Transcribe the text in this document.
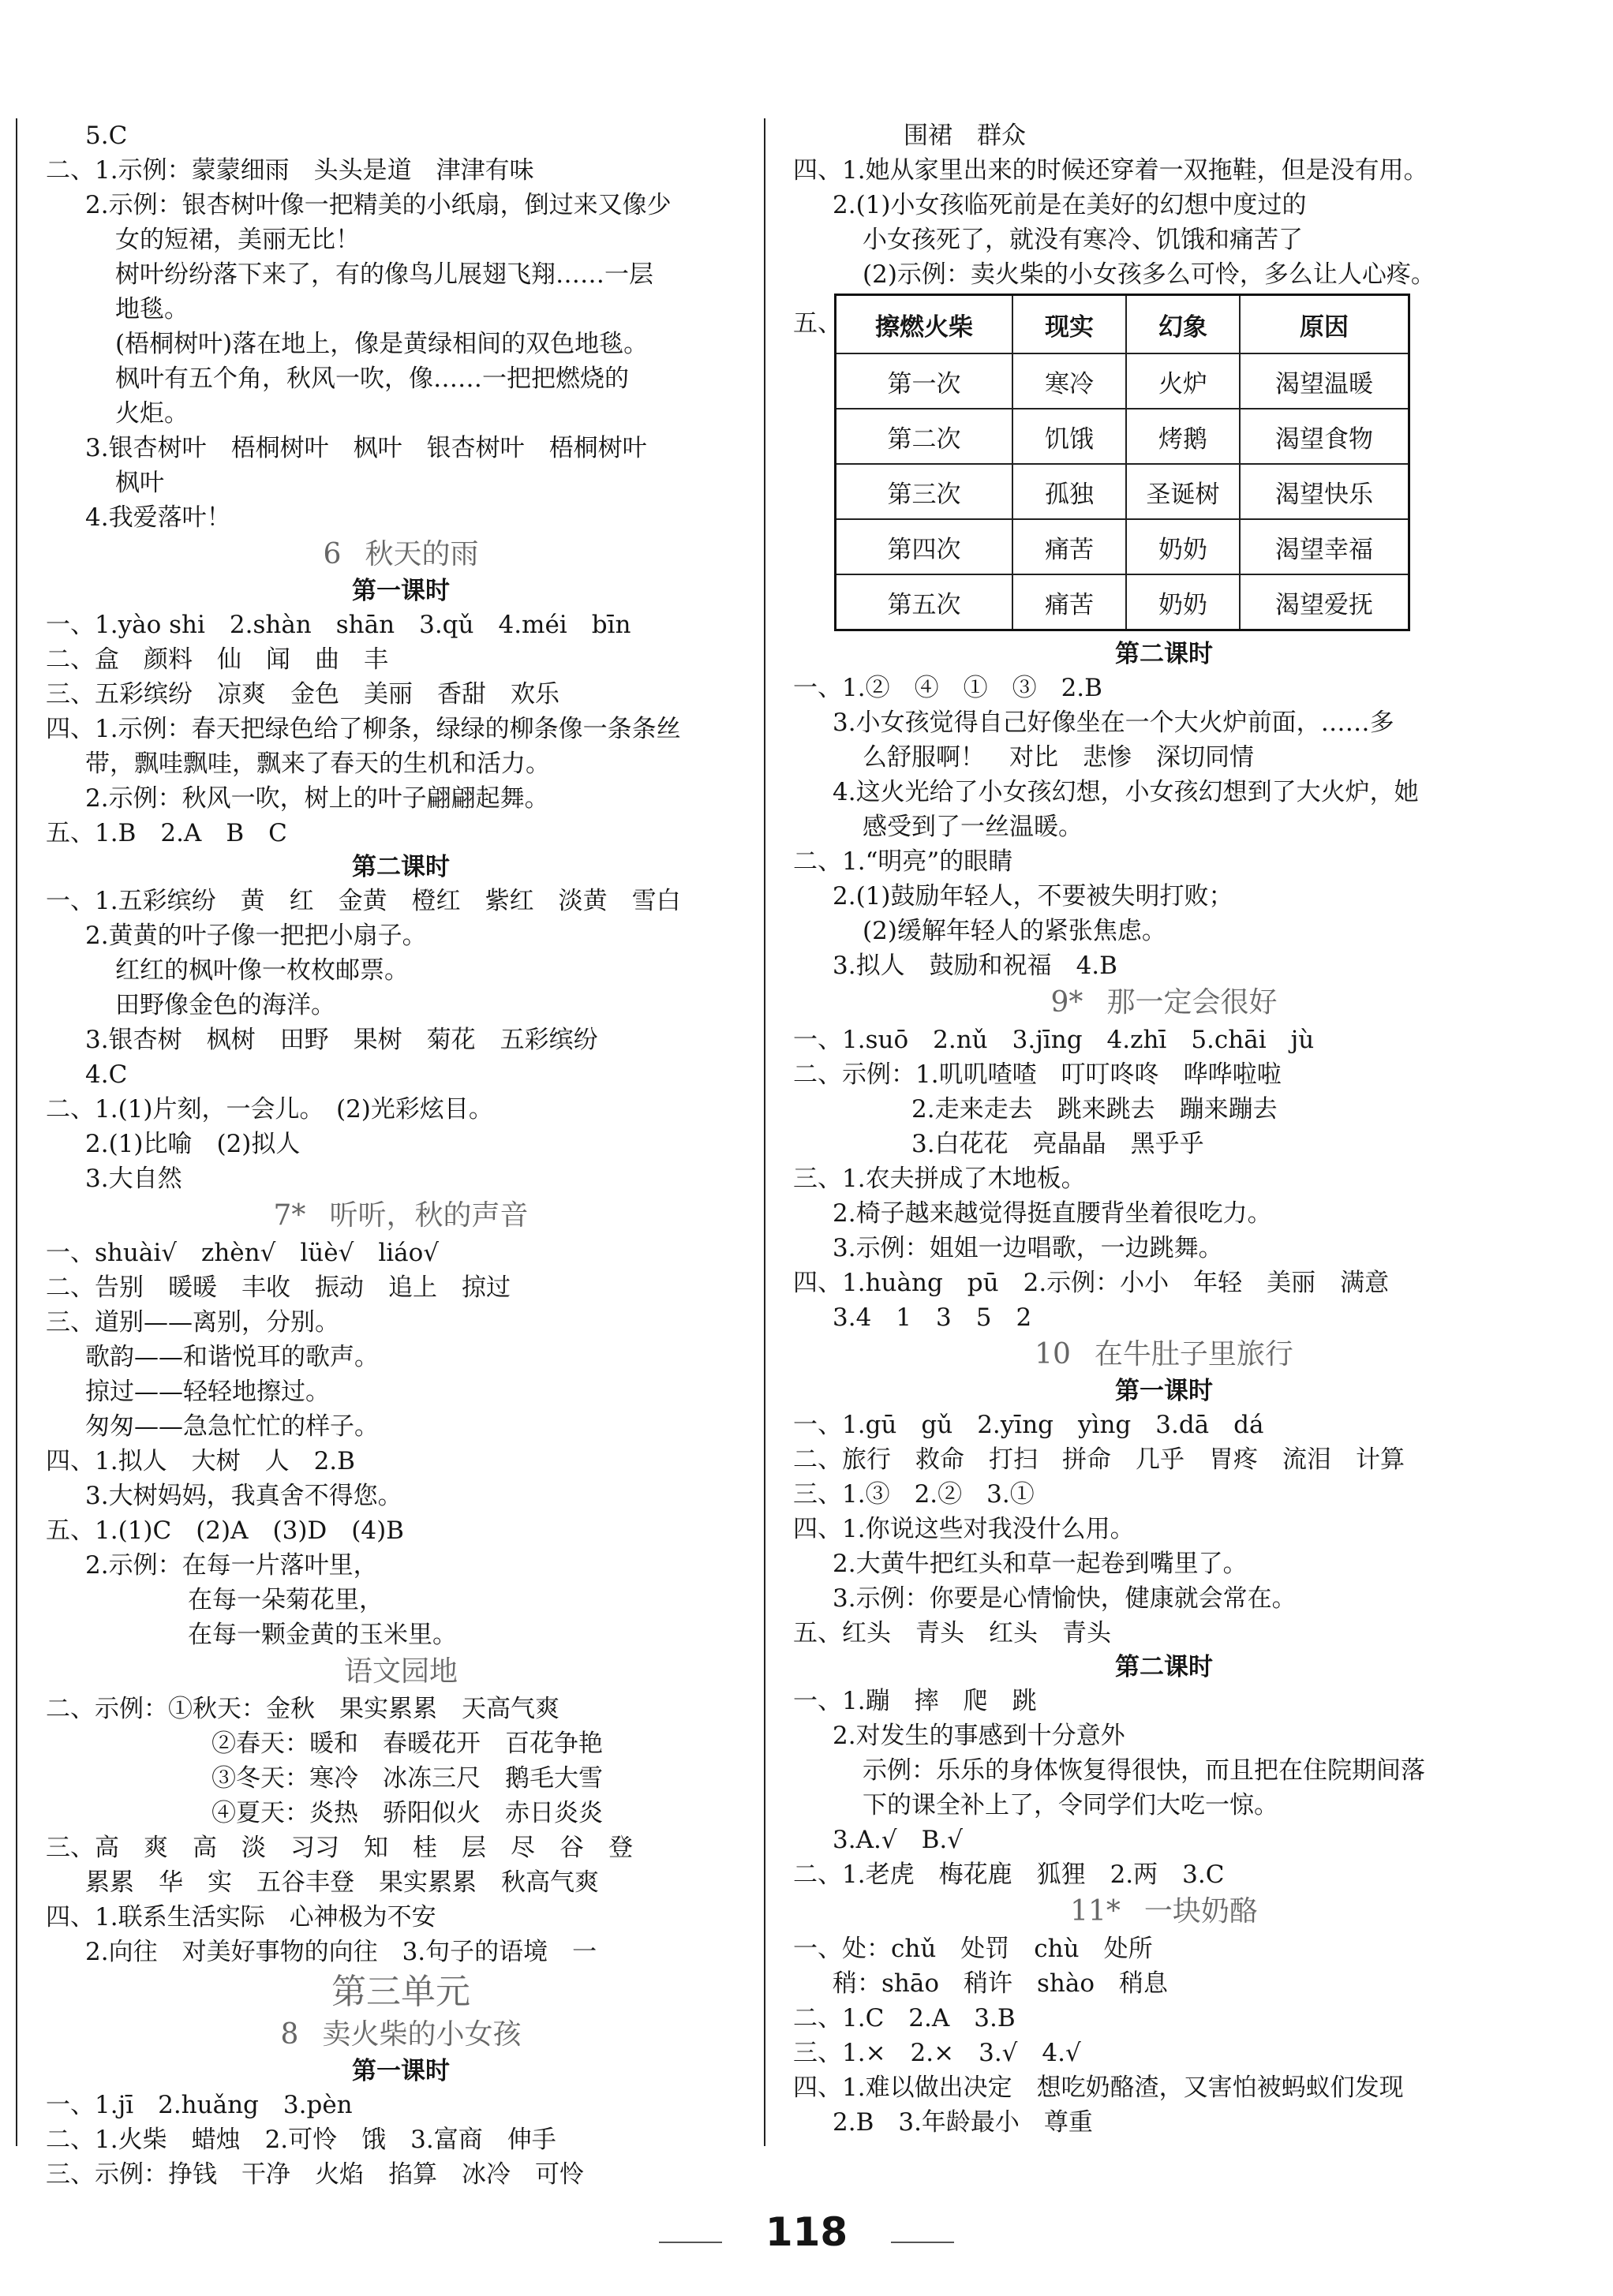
5.C
二、1.示例：蒙蒙细雨　头头是道　津津有味
2.示例：银杏树叶像一把精美的小纸扇，倒过来又像少
女的短裙，美丽无比！
树叶纷纷落下来了，有的像鸟儿展翅飞翔……一层
地毯。
(梧桐树叶)落在地上，像是黄绿相间的双色地毯。
枫叶有五个角，秋风一吹，像……一把把燃烧的
火炬。
3.银杏树叶　梧桐树叶　枫叶　银杏树叶　梧桐树叶
枫叶
4.我爱落叶！
6 秋天的雨
第一课时
一、1.yào shi　2.shàn　shān　3.qǔ　4.méi　bīn
二、盒　颜料　仙　闻　曲　丰
三、五彩缤纷　凉爽　金色　美丽　香甜　欢乐
四、1.示例：春天把绿色给了柳条，绿绿的柳条像一条条丝
带，飘哇飘哇，飘来了春天的生机和活力。
2.示例：秋风一吹，树上的叶子翩翩起舞。
五、1.B　2.A　B　C
第二课时
一、1.五彩缤纷　黄　红　金黄　橙红　紫红　淡黄　雪白
2.黄黄的叶子像一把把小扇子。
红红的枫叶像一枚枚邮票。
田野像金色的海洋。
3.银杏树　枫树　田野　果树　菊花　五彩缤纷
4.C
二、1.(1)片刻，一会儿。　(2)光彩炫目。
2.(1)比喻　(2)拟人
3.大自然
7* 听听，秋的声音
一、shuài√　zhèn√　lüè√　liáo√
二、告别　暖暖　丰收　振动　追上　掠过
三、道别——离别，分别。
歌韵——和谐悦耳的歌声。
掠过——轻轻地擦过。
匆匆——急急忙忙的样子。
四、1.拟人　大树　人　2.B
3.大树妈妈，我真舍不得您。
五、1.(1)C　(2)A　(3)D　(4)B
2.示例：在每一片落叶里，
在每一朵菊花里，
在每一颗金黄的玉米里。
语文园地
二、示例：①秋天：金秋　果实累累　天高气爽
②春天：暖和　春暖花开　百花争艳
③冬天：寒冷　冰冻三尺　鹅毛大雪
④夏天：炎热　骄阳似火　赤日炎炎
三、高　爽　高　淡　习习　知　桂　层　尽　谷　登
累累　华　实　五谷丰登　果实累累　秋高气爽
四、1.联系生活实际　心神极为不安
2.向往　对美好事物的向往　3.句子的语境　一
第三单元
8 卖火柴的小女孩
第一课时
一、1.jī　2.huǎng　3.pèn
二、1.火柴　蜡烛　2.可怜　饿　3.富商　伸手
三、示例：挣钱　干净　火焰　掐算　冰冷　可怜
围裙　群众
四、1.她从家里出来的时候还穿着一双拖鞋，但是没有用。
2.(1)小女孩临死前是在美好的幻想中度过的
小女孩死了，就没有寒冷、饥饿和痛苦了
(2)示例：卖火柴的小女孩多么可怜，多么让人心疼。
五、 擦燃火柴	现实	幻象	原因
第一次	寒冷	火炉	渴望温暖
第二次	饥饿	烤鹅	渴望食物
第三次	孤独	圣诞树	渴望快乐
第四次	痛苦	奶奶	渴望幸福
第五次	痛苦	奶奶	渴望爱抚
第二课时
一、1.②　④　①　③　2.B
3.小女孩觉得自己好像坐在一个大火炉前面，……多
么舒服啊！　对比　悲惨　深切同情
4.这火光给了小女孩幻想，小女孩幻想到了大火炉，她
感受到了一丝温暖。
二、1.“明亮”的眼睛
2.(1)鼓励年轻人，不要被失明打败；
(2)缓解年轻人的紧张焦虑。
3.拟人　鼓励和祝福　4.B
9* 那一定会很好
一、1.suō　2.nǔ　3.jīng　4.zhī　5.chāi　jù
二、示例：1.叽叽喳喳　叮叮咚咚　哗哗啦啦
2.走来走去　跳来跳去　蹦来蹦去
3.白花花　亮晶晶　黑乎乎
三、1.农夫拼成了木地板。
2.椅子越来越觉得挺直腰背坐着很吃力。
3.示例：姐姐一边唱歌，一边跳舞。
四、1.huàng　pū　2.示例：小小　年轻　美丽　满意
3.4　1　3　5　2
10 在牛肚子里旅行
第一课时
一、1.gū　gǔ　2.yīng　yìng　3.dā　dá
二、旅行　救命　打扫　拼命　几乎　胃疼　流泪　计算
三、1.③　2.②　3.①
四、1.你说这些对我没什么用。
2.大黄牛把红头和草一起卷到嘴里了。
3.示例：你要是心情愉快，健康就会常在。
五、红头　青头　红头　青头
第二课时
一、1.蹦　摔　爬　跳
2.对发生的事感到十分意外
示例：乐乐的身体恢复得很快，而且把在住院期间落
下的课全补上了，令同学们大吃一惊。
3.A.√　B.√
二、1.老虎　梅花鹿　狐狸　2.两　3.C
11* 一块奶酪
一、处：chǔ　处罚　chù　处所
稍：shāo　稍许　shào　稍息
二、1.C　2.A　3.B
三、1.×　2.×　3.√　4.√
四、1.难以做出决定　想吃奶酪渣，又害怕被蚂蚁们发现
2.B　3.年龄最小　尊重
118
